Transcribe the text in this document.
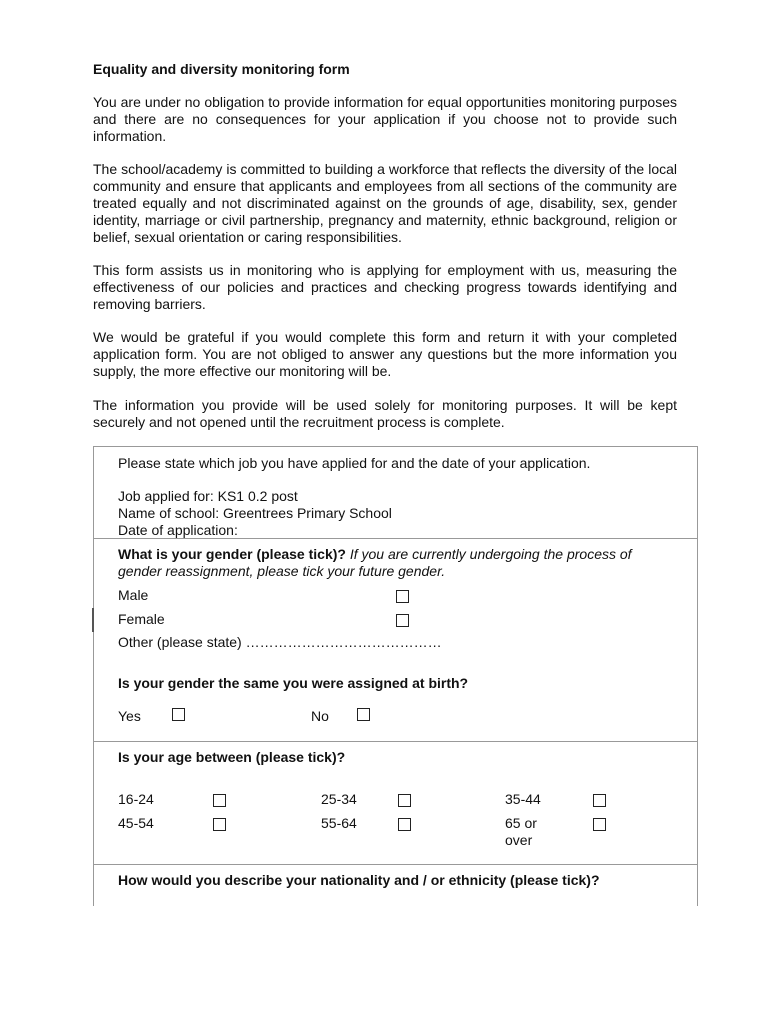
Equality and diversity monitoring form
You are under no obligation to provide information for equal opportunities monitoring purposes and there are no consequences for your application if you choose not to provide such information.
The school/academy is committed to building a workforce that reflects the diversity of the local community and ensure that applicants and employees from all sections of the community are treated equally and not discriminated against on the grounds of age, disability, sex, gender identity, marriage or civil partnership, pregnancy and maternity, ethnic background, religion or belief, sexual orientation or caring responsibilities.
This form assists us in monitoring who is applying for employment with us, measuring the effectiveness of our policies and practices and checking progress towards identifying and removing barriers.
We would be grateful if you would complete this form and return it with your completed application form. You are not obliged to answer any questions but the more information you supply, the more effective our monitoring will be.
The information you provide will be used solely for monitoring purposes. It will be kept securely and not opened until the recruitment process is complete.
Please state which job you have applied for and the date of your application.
Job applied for: KS1 0.2 post
Name of school: Greentrees Primary School
Date of application:
What is your gender (please tick)? If you are currently undergoing the process of
gender reassignment, please tick your future gender.
Male
Female
Other (please state) ……………………………………
Is your gender the same you were assigned at birth?
Yes	No
Is your age between (please tick)?
16-24	25-34	35-44
45-54	55-64	65 or
over
How would you describe your nationality and / or ethnicity (please tick)?
